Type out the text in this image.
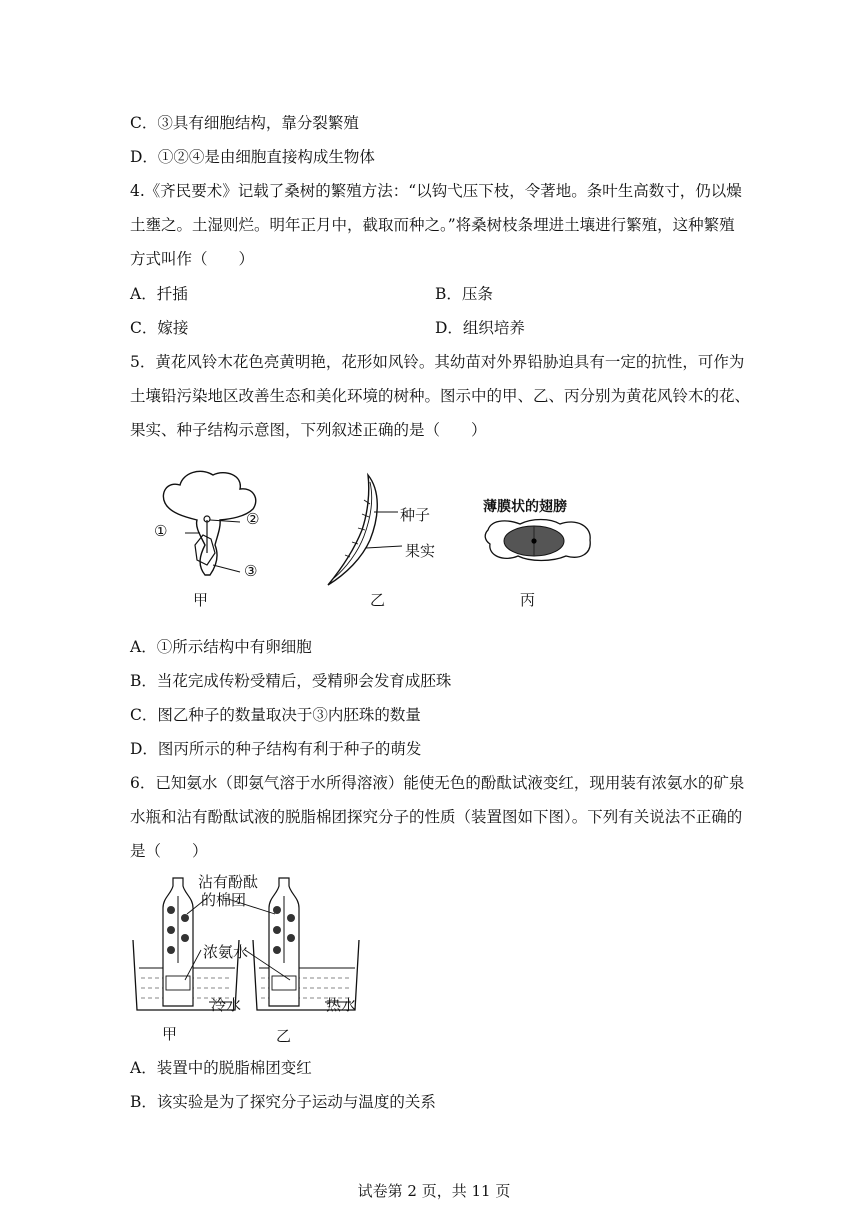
C．③具有细胞结构，靠分裂繁殖
D．①②④是由细胞直接构成生物体
4.《齐民要术》记载了桑树的繁殖方法：“以钩弋压下枝，令著地。条叶生高数寸，仍以燥
土壅之。土湿则烂。明年正月中，截取而种之。”将桑树枝条埋进土壤进行繁殖，这种繁殖
方式叫作（　　）
A．扦插	B．压条
C．嫁接	D．组织培养
5．黄花风铃木花色亮黄明艳，花形如风铃。其幼苗对外界铅胁迫具有一定的抗性，可作为
土壤铅污染地区改善生态和美化环境的树种。图示中的甲、乙、丙分别为黄花风铃木的花、
果实、种子结构示意图，下列叙述正确的是（　　）
①
②
③
甲
种子
果实
乙
薄膜状的翅膀
丙
A．①所示结构中有卵细胞
B．当花完成传粉受精后，受精卵会发育成胚珠
C．图乙种子的数量取决于③内胚珠的数量
D．图丙所示的种子结构有利于种子的萌发
6．已知氨水（即氨气溶于水所得溶液）能使无色的酚酞试液变红，现用装有浓氨水的矿泉
水瓶和沾有酚酞试液的脱脂棉团探究分子的性质（装置图如下图）。下列有关说法不正确的
是（　　）
沾有酚酞
的棉团
浓氨水
冷水	热水
甲	乙
A．装置中的脱脂棉团变红
B．该实验是为了探究分子运动与温度的关系
试卷第 2 页，共 11 页
